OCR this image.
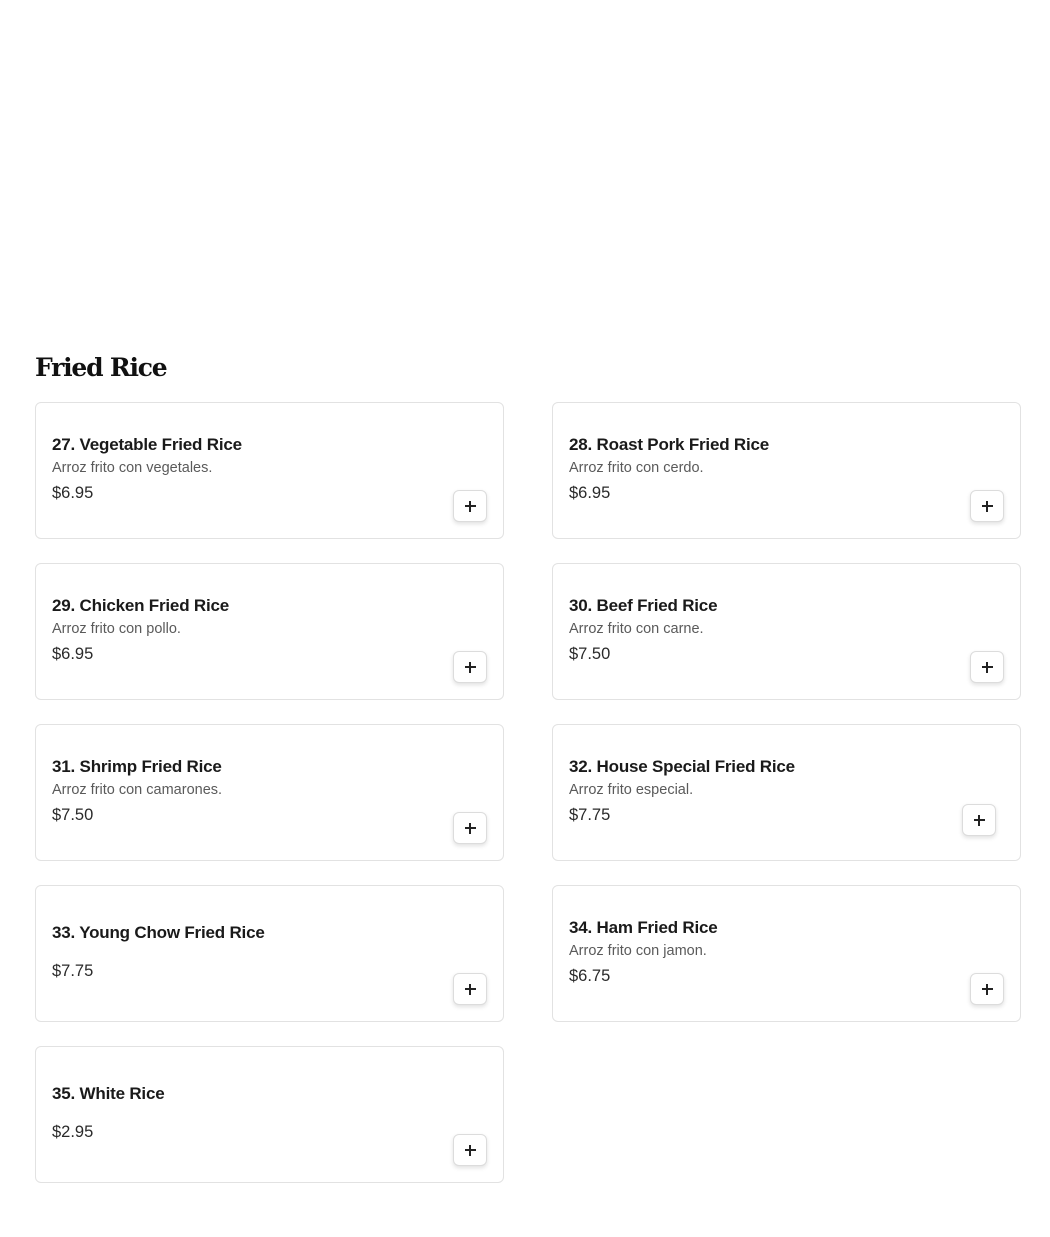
Fried Rice
27. Vegetable Fried Rice
Arroz frito con vegetales.
$6.95
28. Roast Pork Fried Rice
Arroz frito con cerdo.
$6.95
29. Chicken Fried Rice
Arroz frito con pollo.
$6.95
30. Beef Fried Rice
Arroz frito con carne.
$7.50
31. Shrimp Fried Rice
Arroz frito con camarones.
$7.50
32. House Special Fried Rice
Arroz frito especial.
$7.75
33. Young Chow Fried Rice
$7.75
34. Ham Fried Rice
Arroz frito con jamon.
$6.75
35. White Rice
$2.95
